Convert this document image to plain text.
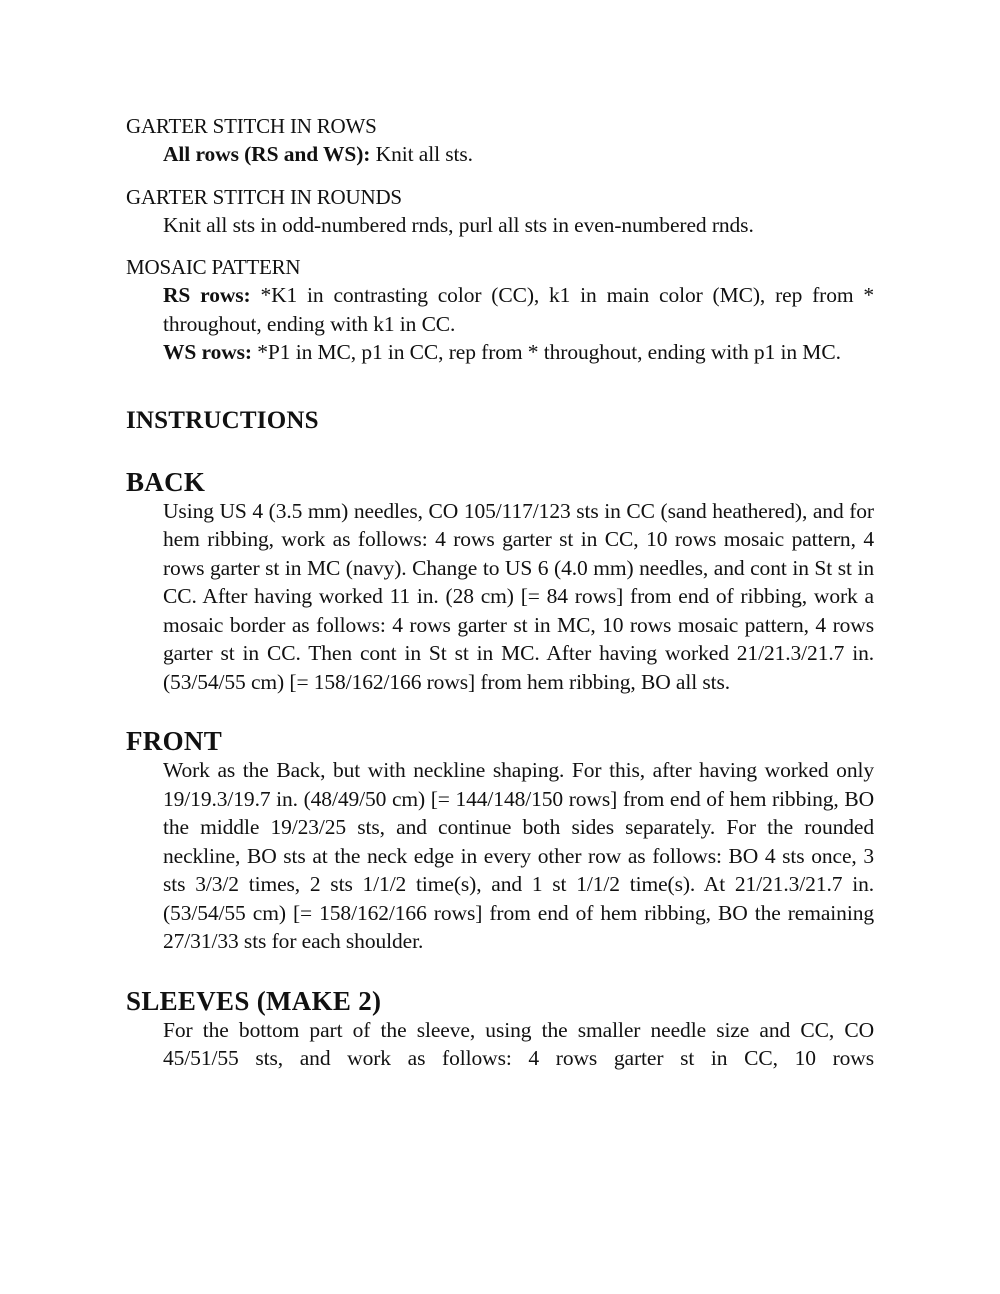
GARTER STITCH IN ROWS

All rows (RS and WS): Knit all sts.

GARTER STITCH IN ROUNDS

Knit all sts in odd-numbered rnds, purl all sts in even-numbered rnds.

MOSAIC PATTERN

RS rows: *K1 in contrasting color (CC), k1 in main color (MC), rep from * throughout, ending with k1 in CC.

WS rows: *P1 in MC, p1 in CC, rep from * throughout, ending with p1 in MC.

INSTRUCTIONS
BACK

Using US 4 (3.5 mm) needles, CO 105/117/123 sts in CC (sand heathered), and for hem ribbing, work as follows: 4 rows garter st in CC, 10 rows mosaic pattern, 4 rows garter st in MC (navy). Change to US 6 (4.0 mm) needles, and cont in St st in CC. After having worked 11 in. (28 cm) [= 84 rows] from end of ribbing, work a mosaic border as follows: 4 rows garter st in MC, 10 rows mosaic pattern, 4 rows garter st in CC. Then cont in St st in MC. After having worked 21/21.3/21.7 in. (53/54/55 cm) [= 158/162/166 rows] from hem ribbing, BO all sts.

FRONT

Work as the Back, but with neckline shaping. For this, after having worked only 19/19.3/19.7 in. (48/49/50 cm) [= 144/148/150 rows] from end of hem ribbing, BO the middle 19/23/25 sts, and continue both sides separately. For the rounded neckline, BO sts at the neck edge in every other row as follows: BO 4 sts once, 3 sts 3/3/2 times, 2 sts 1/1/2 time(s), and 1 st 1/1/2 time(s). At 21/21.3/21.7 in. (53/54/55 cm) [= 158/162/166 rows] from end of hem ribbing, BO the remaining 27/31/33 sts for each shoulder.

SLEEVES (MAKE 2)

For the bottom part of the sleeve, using the smaller needle size and CC, CO 45/51/55 sts, and work as follows: 4 rows garter st in CC, 10 rows
